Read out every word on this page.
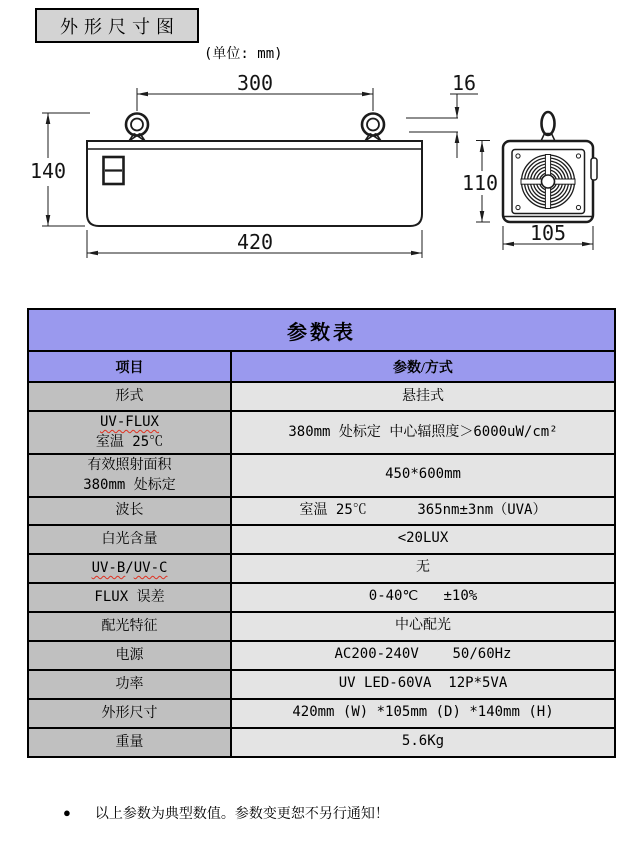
外形尺寸图
(单位: mm)
300	16
140	110
420	105
参数表	
项目	参数/方式
形式	悬挂式
UV-FLUX
室温 25℃	380mm 处标定 中心辐照度＞6000uW/cm²
有效照射面积
380mm 处标定	450*600mm
波长	室温 25℃      365nm±3nm（UVA）
白光含量	<20LUX
UV-B/UV-C	无
FLUX 误差	0-40℃   ±10%
配光特征	中心配光
电源	AC200-240V    50/60Hz
功率	UV LED-60VA  12P*5VA
外形尺寸	420mm (W) *105mm (D) *140mm (H)
重量	5.6Kg
● 以上参数为典型数值。参数变更恕不另行通知！
